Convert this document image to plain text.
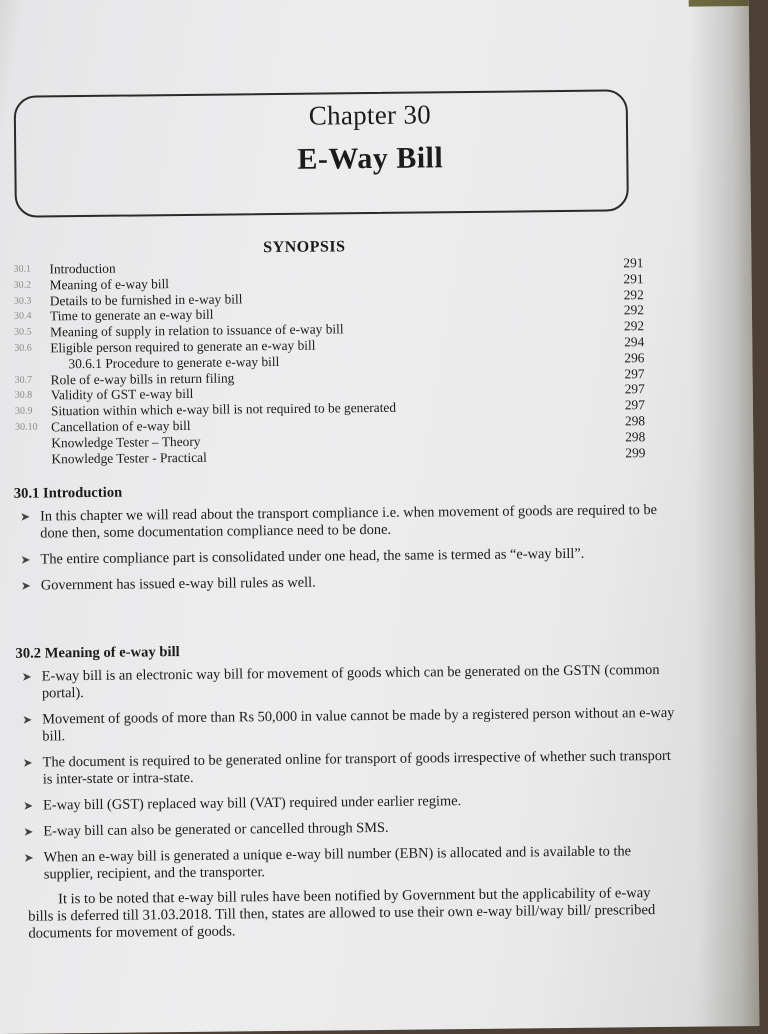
Chapter 30
E-Way Bill
SYNOPSIS
30.1	Introduction	291
30.2	Meaning of e-way bill	291
30.3	Details to be furnished in e-way bill	292
30.4	Time to generate an e-way bill	292
30.5	Meaning of supply in relation to issuance of e-way bill	292
30.6	Eligible person required to generate an e-way bill	294
30.6.1 Procedure to generate e-way bill	296
30.7	Role of e-way bills in return filing	297
30.8	Validity of GST e-way bill	297
30.9	Situation within which e-way bill is not required to be generated	297
30.10 Cancellation of e-way bill	298
Knowledge Tester – Theory	298
Knowledge Tester - Practical	299
30.1 Introduction
➤ In this chapter we will read about the transport compliance i.e. when movement of goods are required to be done then, some documentation compliance need to be done.
➤ The entire compliance part is consolidated under one head, the same is termed as “e-way bill”.
➤ Government has issued e-way bill rules as well.
30.2 Meaning of e-way bill
➤ E-way bill is an electronic way bill for movement of goods which can be generated on the GSTN (common portal).
➤ Movement of goods of more than Rs 50,000 in value cannot be made by a registered person without an e-way bill.
➤ The document is required to be generated online for transport of goods irrespective of whether such transport is inter-state or intra-state.
➤ E-way bill (GST) replaced way bill (VAT) required under earlier regime.
➤ E-way bill can also be generated or cancelled through SMS.
➤ When an e-way bill is generated a unique e-way bill number (EBN) is allocated and is available to the supplier, recipient, and the transporter.
It is to be noted that e-way bill rules have been notified by Government but the applicability of e-way bills is deferred till 31.03.2018. Till then, states are allowed to use their own e-way bill/way bill/ prescribed documents for movement of goods.
